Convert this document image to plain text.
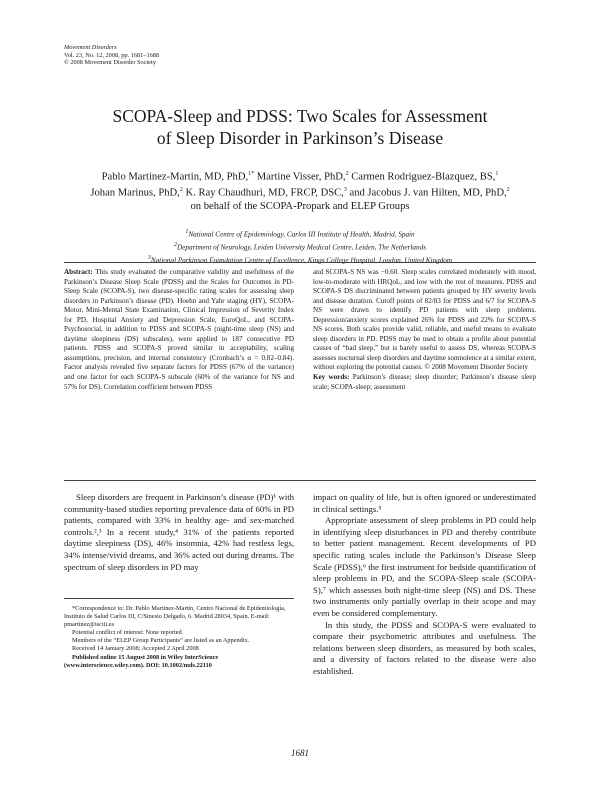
Movement Disorders
Vol. 23, No. 12, 2008, pp. 1681–1688
© 2008 Movement Disorder Society
SCOPA-Sleep and PDSS: Two Scales for Assessment
of Sleep Disorder in Parkinson’s Disease
Pablo Martinez-Martin, MD, PhD,$^{1*}$ Martine Visser, PhD,$^2$ Carmen Rodriguez-Blazquez, BS,$^1$
Johan Marinus, PhD,$^2$ K. Ray Chaudhuri, MD, FRCP, DSC,$^3$ and Jacobus J. van Hilten, MD, PhD,$^2$
on behalf of the SCOPA-Propark and ELEP Groups
$^1$National Centre of Epidemiology, Carlos III Institute of Health, Madrid, Spain
$^2$Department of Neurology, Leiden University Medical Centre, Leiden, The Netherlands
$^3$National Parkinson Foundation Centre of Excellence, Kings College Hospital, London, United Kingdom
Abstract: This study evaluated the comparative validity and usefulness of the Parkinson’s Disease Sleep Scale (PDSS) and the Scales for Outcomes in PD-Sleep Scale (SCOPA-S), two disease-specific rating scales for assessing sleep disorders in Parkinson’s disease (PD). Hoehn and Yahr staging (HY), SCOPA-Motor, Mini-Mental State Examination, Clinical Impression of Severity Index for PD, Hospital Anxiety and Depression Scale, EuroQoL, and SCOPA-Psychosocial, in addition to PDSS and SCOPA-S (night-time sleep (NS) and daytime sleepiness (DS) subscales), were applied to 187 consecutive PD patients. PDSS and SCOPA-S proved similar in acceptability, scaling assumptions, precision, and internal consistency (Cronbach’s α = 0.82–0.84). Factor analysis revealed five separate factors for PDSS (67% of the variance) and one factor for each SCOPA-S subscale (60% of the variance for NS and 57% for DS). Correlation coefficient between PDSS
and SCOPA-S NS was −0.60. Sleep scales correlated moderately with mood, low-to-moderate with HRQoL, and low with the rest of measures. PDSS and SCOPA-S DS discriminated between patients grouped by HY severity levels and disease duration. Cutoff points of 82/83 for PDSS and 6/7 for SCOPA-S NS were drawn to identify PD patients with sleep problems. Depression/anxiety scores explained 26% for PDSS and 22% for SCOPA-S NS scores. Both scales provide valid, reliable, and useful means to evaluate sleep disorders in PD. PDSS may be used to obtain a profile about potential causes of “bad sleep,” but is barely useful to assess DS, whereas SCOPA-S assesses nocturnal sleep disorders and daytime somnolence at a similar extent, without exploring the potential causes. © 2008 Movement Disorder Society
Key words: Parkinson’s disease; sleep disorder; Parkinson’s disease sleep scale; SCOPA-sleep; assessment

Sleep disorders are frequent in Parkinson’s disease (PD)¹ with community-based studies reporting prevalence data of 60% in PD patients, compared with 33% in healthy age- and sex-matched controls.²,³ In a recent study,⁴ 31% of the patients reported daytime sleepiness (DS), 46% insomnia, 42% had restless legs, 34% intense/vivid dreams, and 36% acted out during dreams. The spectrum of sleep disorders in PD may

impact on quality of life, but is often ignored or underestimated in clinical settings.⁵

Appropriate assessment of sleep problems in PD could help in identifying sleep disturbances in PD and thereby contribute to better patient management. Recent developments of PD specific rating scales include the Parkinson’s Disease Sleep Scale (PDSS),⁶ the first instrument for bedside quantification of sleep problems in PD, and the SCOPA-Sleep scale (SCOPA-S),⁷ which assesses both night-time sleep (NS) and DS. These two instruments only partially overlap in their scope and may even be considered complementary.

In this study, the PDSS and SCOPA-S were evaluated to compare their psychometric attributes and usefulness. The relations between sleep disorders, as measured by both scales, and a diversity of factors related to the disease were also established.

*Correspondence to: Dr. Pablo Martinez-Martin, Centro Nacional de Epidemiología, Instituto de Salud Carlos III, C/Sinesio Delgado, 6. Madrid 28034, Spain. E-mail: pmartinez@isciii.es

Potential conflict of interest: None reported.

Members of the “ELEP Group Participants” are listed as an Appendix.

Received 14 January 2008; Accepted 2 April 2008

Published online 15 August 2008 in Wiley InterScience (www.interscience.wiley.com). DOI: 10.1002/mds.22110

1681
